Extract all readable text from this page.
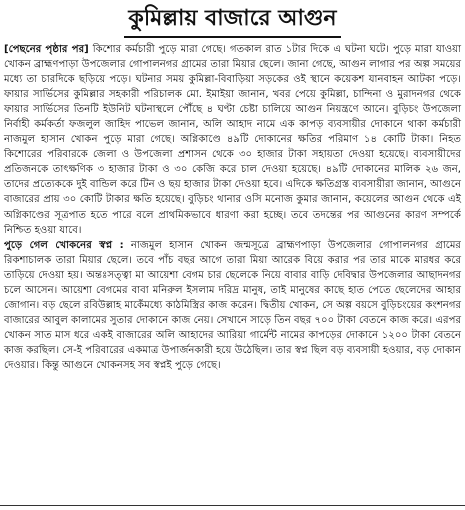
কুমিল্লায় বাজারে আগুন

[পেছনের পৃষ্ঠার পর] কিশোর কর্মচারী পুড়ে মারা গেছে। গতকাল রাত ১টার দিকে এ ঘটনা ঘটে। পুড়ে মারা যাওয়া খোকন ব্রাহ্মণপাড়া উপজেলার গোপালনগর গ্রামের তারা মিয়ার ছেলে। জানা গেছে, আগুন লাগার পর অল্প সময়ের মধ্যে তা চারদিকে ছড়িয়ে পড়ে। ঘটনার সময় কুমিল্লা-বিবাড়িয়া সড়কের ওই স্থানে কয়েকশ যানবাহন আটকা পড়ে। ফায়ার সার্ভিসের কুমিল্লার সহকারী পরিচালক মো. ইমাইয়া জানান, খবর পেয়ে কুমিল্লা, চান্দিনা ও মুরাদনগর থেকে ফায়ার সার্ভিসের তিনটি ইউনিট ঘটনাস্থলে পৌঁছে ৪ ঘণ্টা চেষ্টা চালিয়ে আগুন নিয়ন্ত্রণে আনে। বুড়িচং উপজেলা নির্বাহী কর্মকর্তা ফজলুল জাহিদ পাভেল জানান, অলি আহাদ নামে এক কাপড় ব্যবসায়ীর দোকানে থাকা কর্মচারী নাজমুল হাসান খোকন পুড়ে মারা গেছে। অগ্নিকাণ্ডে ৪৯টি দোকানের ক্ষতির পরিমাণ ১৪ কোটি টাকা। নিহত কিশোরের পরিবারকে জেলা ও উপজেলা প্রশাসন থেকে ৩০ হাজার টাকা সহায়তা দেওয়া হয়েছে। ব্যবসায়ীদের প্রতিজনকে তাৎক্ষণিক ৩ হাজার টাকা ও ৩০ কেজি করে চাল দেওয়া হয়েছে। ৪৯টি দোকানের মালিক ২৬ জন, তাদের প্রত্যেককে দুই বান্ডিল করে টিন ও ছয় হাজার টাকা দেওয়া হবে। এদিকে ক্ষতিগ্রস্ত ব্যবসায়ীরা জানান, আগুনে বাজারের প্রায় ৩০ কোটি টাকার ক্ষতি হয়েছে। বুড়িচং থানার ওসি মনোজ কুমার জানান, কয়েলের আগুন থেকে এই অগ্নিকাণ্ডের সূত্রপাত হতে পারে বলে প্রাথমিকভাবে ধারণা করা হচ্ছে। তবে তদন্তের পর আগুনের কারণ সম্পর্কে নিশ্চিত হওয়া যাবে।

পুড়ে গেল খোকনের স্বপ্ন : নাজমুল হাসান খোকন জন্মসূত্রে ব্রাহ্মণপাড়া উপজেলার গোপালনগর গ্রামের রিকশাচালক তারা মিয়ার ছেলে। তবে পাঁচ বছর আগে তারা মিয়া আরেক বিয়ে করার পর তার মাকে মারধর করে তাড়িয়ে দেওয়া হয়। অন্তঃসত্ত্বা মা আয়েশা বেগম চার ছেলেকে নিয়ে বাবার বাড়ি দেবিদ্বার উপজেলার আছাদনগর চলে আসেন। আয়েশা বেগমের বাবা মনিরুল ইসলাম দরিদ্র মানুষ, তাই মানুষের কাছে হাত পেতে ছেলেদের আহার জোগান। বড় ছেলে রবিউল্লাহ মাকেঁমধ্যে কাঠমিস্ত্রির কাজ করেন। দ্বিতীয় খোকন, সে অল্প বয়সে বুড়িচংয়ের কংশনগর বাজারের আবুল কালামের সুতার দোকানে কাজ নেয়। সেখানে সাড়ে তিন বছর ৭০০ টাকা বেতনে কাজ করে। এরপর খোকন সাত মাস ধরে একই বাজারের অলি আহাদের আরিয়া গার্মেন্ট নামের কাপড়ের দোকানে ১২০০ টাকা বেতনে কাজ করছিল। সে-ই পরিবারের একমাত্র উপার্জনকারী হয়ে উঠেছিল। তার স্বপ্ন ছিল বড় ব্যবসায়ী হওয়ার, বড় দোকান দেওয়ার। কিন্তু আগুনে খোকনসহ সব স্বপ্নই পুড়ে গেছে।
